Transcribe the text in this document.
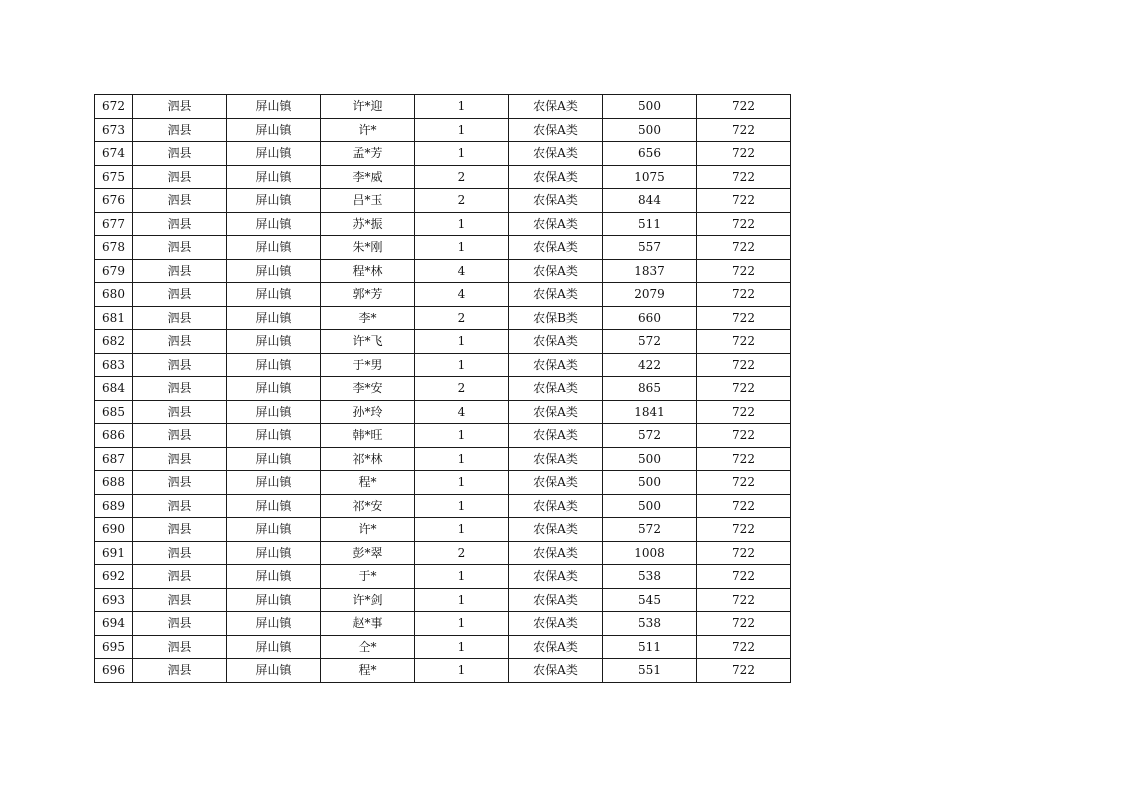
672	泗县	屏山镇	许*迎	1	农保A类	500	722
673	泗县	屏山镇	许*	1	农保A类	500	722
674	泗县	屏山镇	孟*芳	1	农保A类	656	722
675	泗县	屏山镇	李*威	2	农保A类	1075	722
676	泗县	屏山镇	吕*玉	2	农保A类	844	722
677	泗县	屏山镇	苏*振	1	农保A类	511	722
678	泗县	屏山镇	朱*刚	1	农保A类	557	722
679	泗县	屏山镇	程*林	4	农保A类	1837	722
680	泗县	屏山镇	郭*芳	4	农保A类	2079	722
681	泗县	屏山镇	李*	2	农保B类	660	722
682	泗县	屏山镇	许*飞	1	农保A类	572	722
683	泗县	屏山镇	于*男	1	农保A类	422	722
684	泗县	屏山镇	李*安	2	农保A类	865	722
685	泗县	屏山镇	孙*玲	4	农保A类	1841	722
686	泗县	屏山镇	韩*旺	1	农保A类	572	722
687	泗县	屏山镇	祁*林	1	农保A类	500	722
688	泗县	屏山镇	程*	1	农保A类	500	722
689	泗县	屏山镇	祁*安	1	农保A类	500	722
690	泗县	屏山镇	许*	1	农保A类	572	722
691	泗县	屏山镇	彭*翠	2	农保A类	1008	722
692	泗县	屏山镇	于*	1	农保A类	538	722
693	泗县	屏山镇	许*剑	1	农保A类	545	722
694	泗县	屏山镇	赵*事	1	农保A类	538	722
695	泗县	屏山镇	仝*	1	农保A类	511	722
696	泗县	屏山镇	程*	1	农保A类	551	722
